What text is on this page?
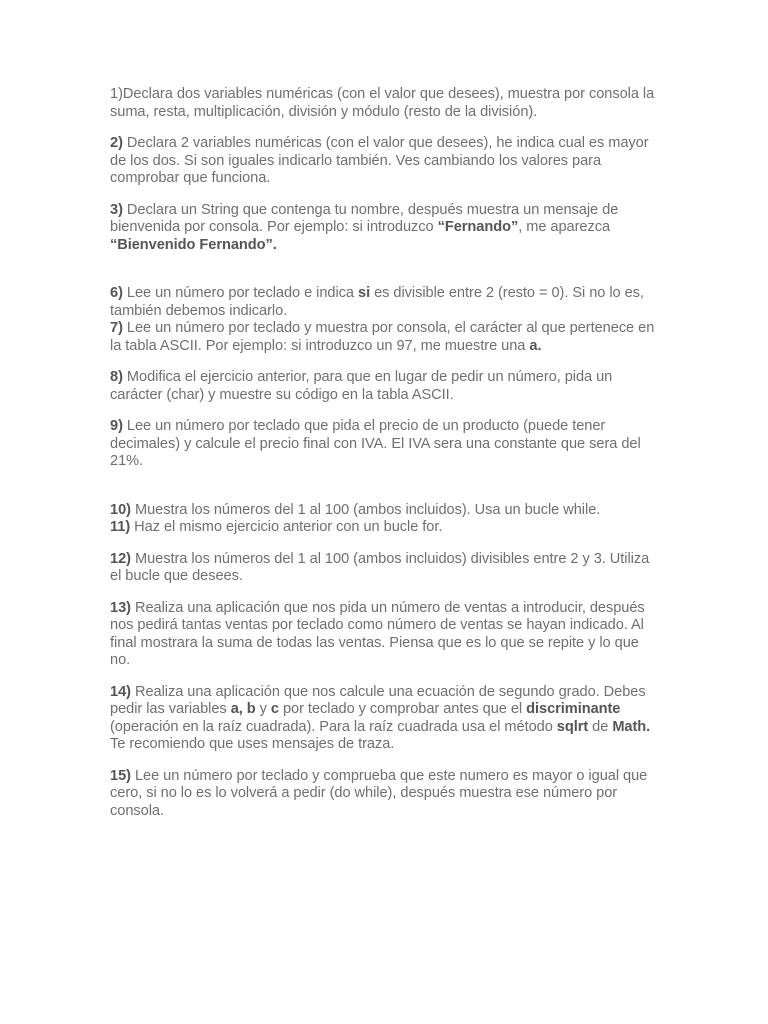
1)Declara dos variables numéricas (con el valor que desees), muestra por consola la suma, resta, multiplicación, división y módulo (resto de la división).

2) Declara 2 variables numéricas (con el valor que desees), he indica cual es mayor de los dos. Si son iguales indicarlo también. Ves cambiando los valores para comprobar que funciona.

3) Declara un String que contenga tu nombre, después muestra un mensaje de bienvenida por consola. Por ejemplo: si introduzco “Fernando”, me aparezca “Bienvenido Fernando”.

6) Lee un número por teclado e indica si es divisible entre 2 (resto = 0). Si no lo es, también debemos indicarlo.

7) Lee un número por teclado y muestra por consola, el carácter al que pertenece en la tabla ASCII. Por ejemplo: si introduzco un 97, me muestre una a.

8) Modifica el ejercicio anterior, para que en lugar de pedir un número, pida un carácter (char) y muestre su código en la tabla ASCII.

9) Lee un número por teclado que pida el precio de un producto (puede tener decimales) y calcule el precio final con IVA. El IVA sera una constante que sera del 21%.

10) Muestra los números del 1 al 100 (ambos incluidos). Usa un bucle while.

11) Haz el mismo ejercicio anterior con un bucle for.

12) Muestra los números del 1 al 100 (ambos incluidos) divisibles entre 2 y 3. Utiliza el bucle que desees.

13) Realiza una aplicación que nos pida un número de ventas a introducir, después nos pedirá tantas ventas por teclado como número de ventas se hayan indicado. Al final mostrara la suma de todas las ventas. Piensa que es lo que se repite y lo que no.

14) Realiza una aplicación que nos calcule una ecuación de segundo grado. Debes pedir las variables a, b y c por teclado y comprobar antes que el discriminante (operación en la raíz cuadrada). Para la raíz cuadrada usa el método sqlrt de Math. Te recomiendo que uses mensajes de traza.

15) Lee un número por teclado y comprueba que este numero es mayor o igual que cero, si no lo es lo volverá a pedir (do while), después muestra ese número por consola.
